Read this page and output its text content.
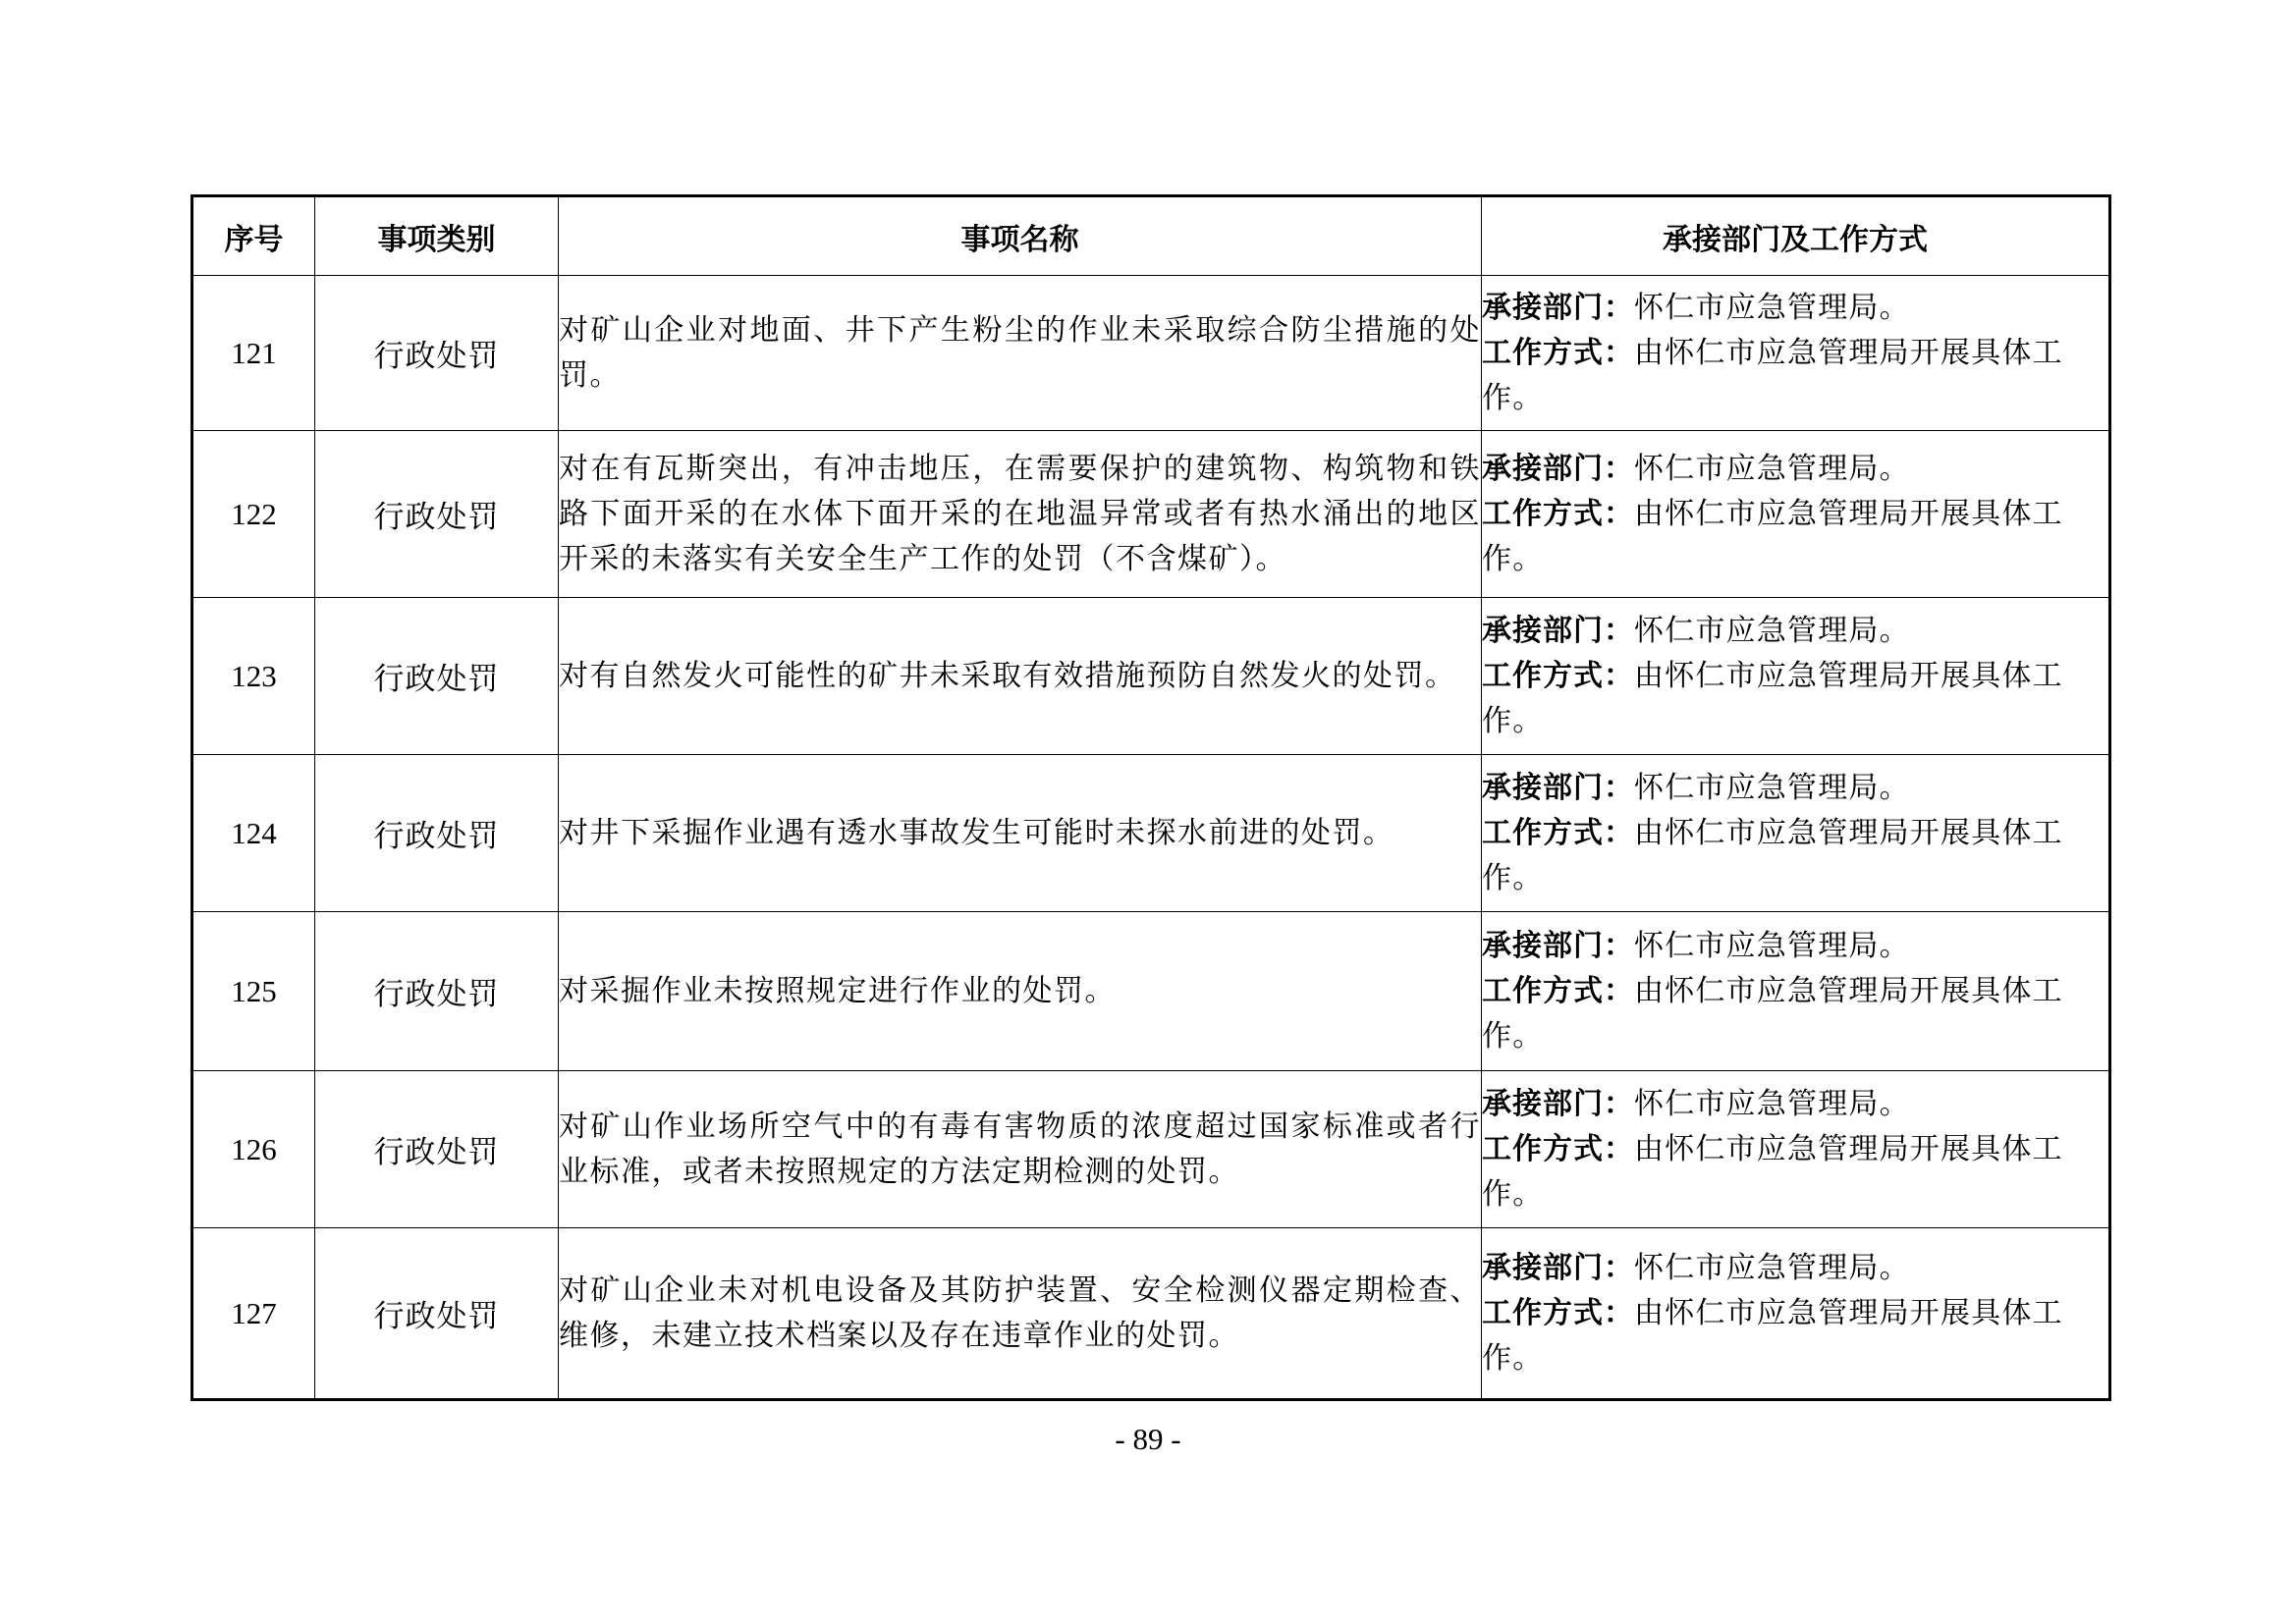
序号	事项类别	事项名称	承接部门及工作方式
121	行政处罚	对矿山企业对地面、井下产生粉尘的作业未采取综合防尘措施的处罚。	承接部门：怀仁市应急管理局。
工作方式：由怀仁市应急管理局开展具体工作。
122	行政处罚	对在有瓦斯突出，有冲击地压，在需要保护的建筑物、构筑物和铁路下面开采的在水体下面开采的在地温异常或者有热水涌出的地区开采的未落实有关安全生产工作的处罚（不含煤矿）。	承接部门：怀仁市应急管理局。
工作方式：由怀仁市应急管理局开展具体工作。
123	行政处罚	对有自然发火可能性的矿井未采取有效措施预防自然发火的处罚。	承接部门：怀仁市应急管理局。
工作方式：由怀仁市应急管理局开展具体工作。
124	行政处罚	对井下采掘作业遇有透水事故发生可能时未探水前进的处罚。	承接部门：怀仁市应急管理局。
工作方式：由怀仁市应急管理局开展具体工作。
125	行政处罚	对采掘作业未按照规定进行作业的处罚。	承接部门：怀仁市应急管理局。
工作方式：由怀仁市应急管理局开展具体工作。
126	行政处罚	对矿山作业场所空气中的有毒有害物质的浓度超过国家标准或者行业标准，或者未按照规定的方法定期检测的处罚。	承接部门：怀仁市应急管理局。
工作方式：由怀仁市应急管理局开展具体工作。
127	行政处罚	对矿山企业未对机电设备及其防护装置、安全检测仪器定期检查、维修，未建立技术档案以及存在违章作业的处罚。	承接部门：怀仁市应急管理局。
工作方式：由怀仁市应急管理局开展具体工作。
- 89 -
